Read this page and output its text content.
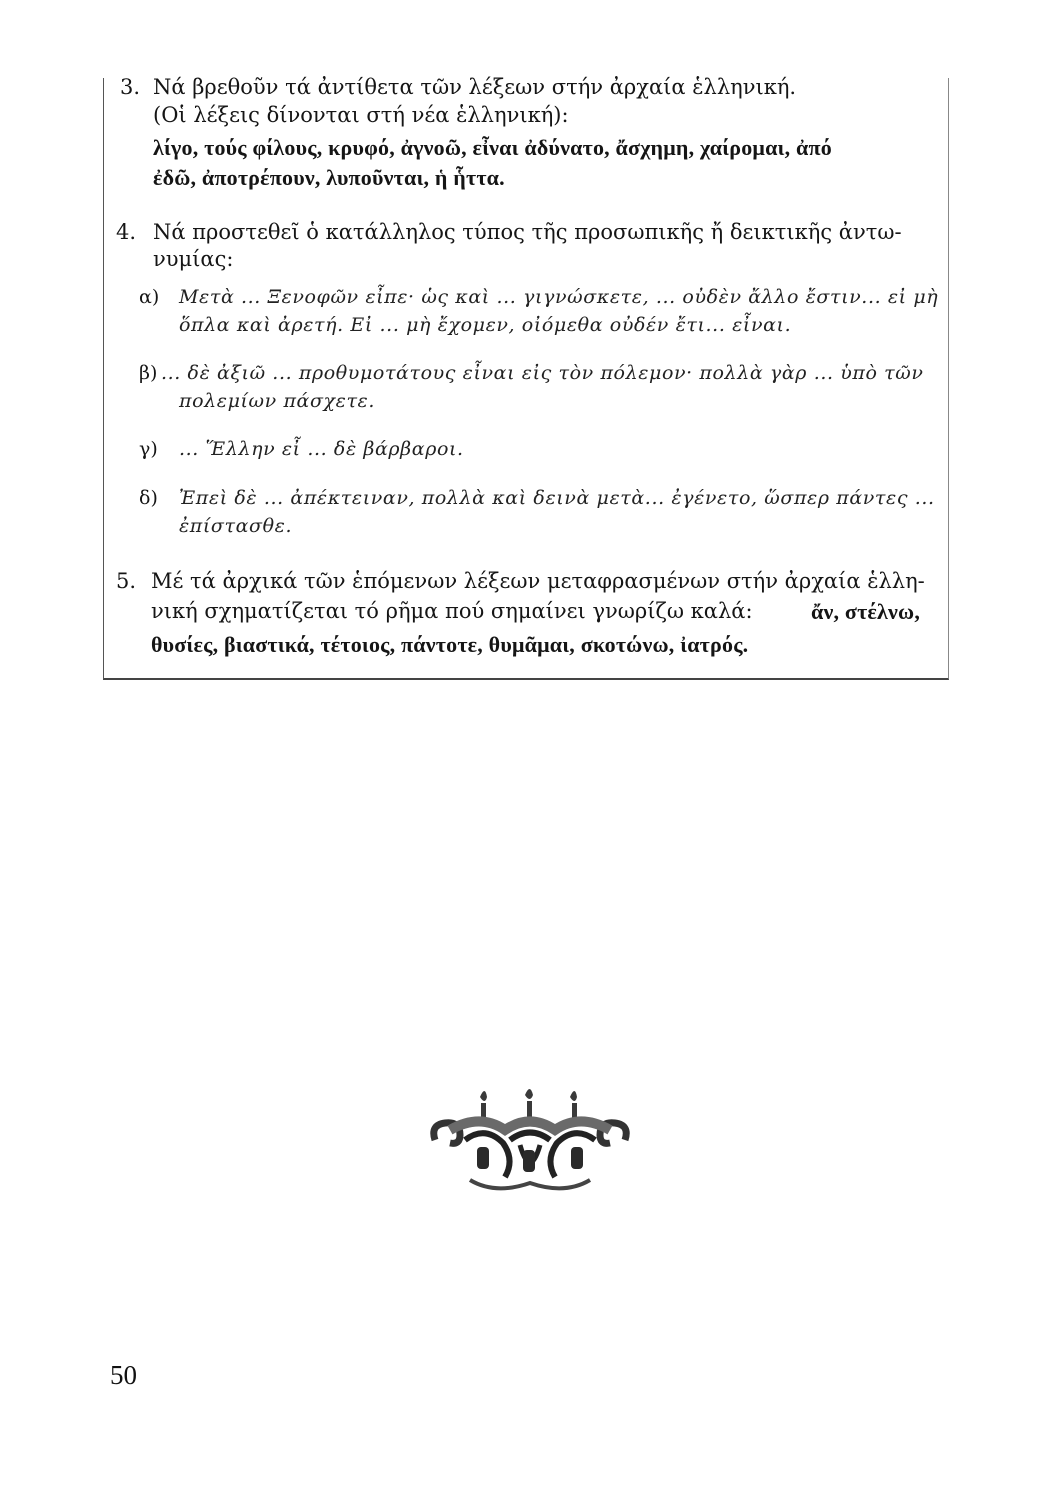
3. Νά βρεθοῦν τά ἀντίθετα τῶν λέξεων στήν ἀρχαία ἑλληνική.
(Οἱ λέξεις δίνονται στή νέα ἑλληνική):
λίγο, τούς φίλους, κρυφό, ἀγνοῶ, εἶναι ἀδύνατο, ἄσχημη, χαίρομαι, ἀπό
ἐδῶ, ἀποτρέπουν, λυποῦνται, ἡ ἧττα.
4. Νά προστεθεῖ ὁ κατάλληλος τύπος τῆς προσωπικῆς ἤ δεικτικῆς ἀντω-
νυμίας:
α) Μετὰ ... Ξενοφῶν εἶπε· ὡς καὶ ... γιγνώσκετε, ... οὐδὲν ἄλλο ἔστιν... εἰ μὴ
ὅπλα καὶ ἀρετή. Εἰ ... μὴ ἔχομεν, οἰόμεθα οὐδέν ἔτι... εἶναι.
β) ... δὲ ἀξιῶ ... προθυμοτάτους εἶναι εἰς τὸν πόλεμον· πολλὰ γὰρ ... ὑπὸ τῶν
πολεμίων πάσχετε.
γ) ... Ἕλλην εἶ ... δὲ βάρβαροι.
δ) Ἐπεὶ δὲ ... ἀπέκτειναν, πολλὰ καὶ δεινὰ μετὰ... ἐγένετο, ὥσπερ πάντες ...
ἐπίστασθε.
5. Μέ τά ἀρχικά τῶν ἑπόμενων λέξεων μεταφρασμένων στήν ἀρχαία ἑλλη-
νική σχηματίζεται τό ρῆμα πού σημαίνει γνωρίζω καλά:	ἄν, στέλνω,
θυσίες, βιαστικά, τέτοιος, πάντοτε, θυμᾶμαι, σκοτώνω, ἰατρός.
50
